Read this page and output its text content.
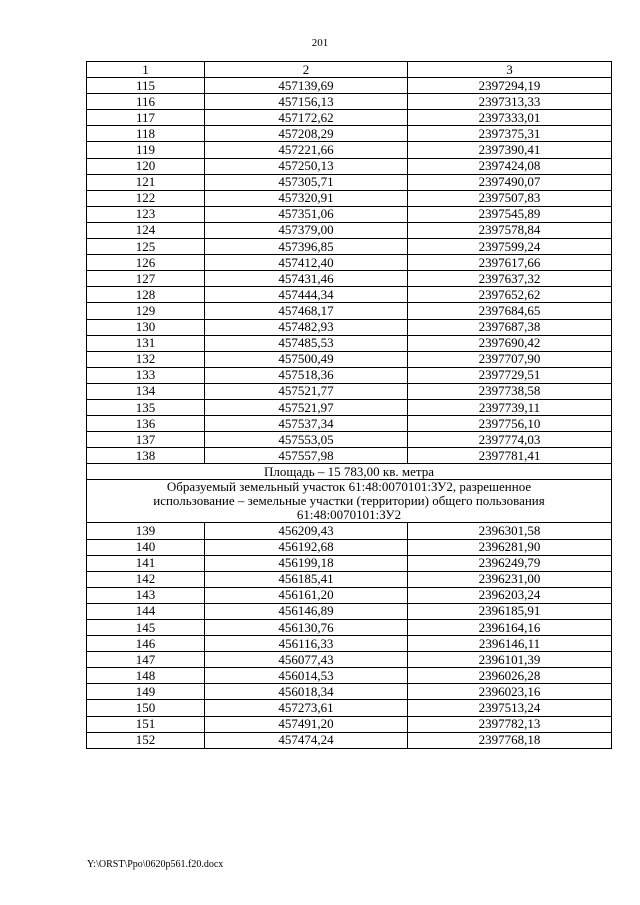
201
1	2	3
115	457139,69	2397294,19
116	457156,13	2397313,33
117	457172,62	2397333,01
118	457208,29	2397375,31
119	457221,66	2397390,41
120	457250,13	2397424,08
121	457305,71	2397490,07
122	457320,91	2397507,83
123	457351,06	2397545,89
124	457379,00	2397578,84
125	457396,85	2397599,24
126	457412,40	2397617,66
127	457431,46	2397637,32
128	457444,34	2397652,62
129	457468,17	2397684,65
130	457482,93	2397687,38
131	457485,53	2397690,42
132	457500,49	2397707,90
133	457518,36	2397729,51
134	457521,77	2397738,58
135	457521,97	2397739,11
136	457537,34	2397756,10
137	457553,05	2397774,03
138	457557,98	2397781,41
Площадь – 15 783,00 кв. метра		
Образуемый земельный участок 61:48:0070101:ЗУ2, разрешенное
использование – земельные участки (территории) общего пользования
61:48:0070101:ЗУ2		
139	456209,43	2396301,58
140	456192,68	2396281,90
141	456199,18	2396249,79
142	456185,41	2396231,00
143	456161,20	2396203,24
144	456146,89	2396185,91
145	456130,76	2396164,16
146	456116,33	2396146,11
147	456077,43	2396101,39
148	456014,53	2396026,28
149	456018,34	2396023,16
150	457273,61	2397513,24
151	457491,20	2397782,13
152	457474,24	2397768,18
Y:\ORST\Ppo\0620p561.f20.docx
